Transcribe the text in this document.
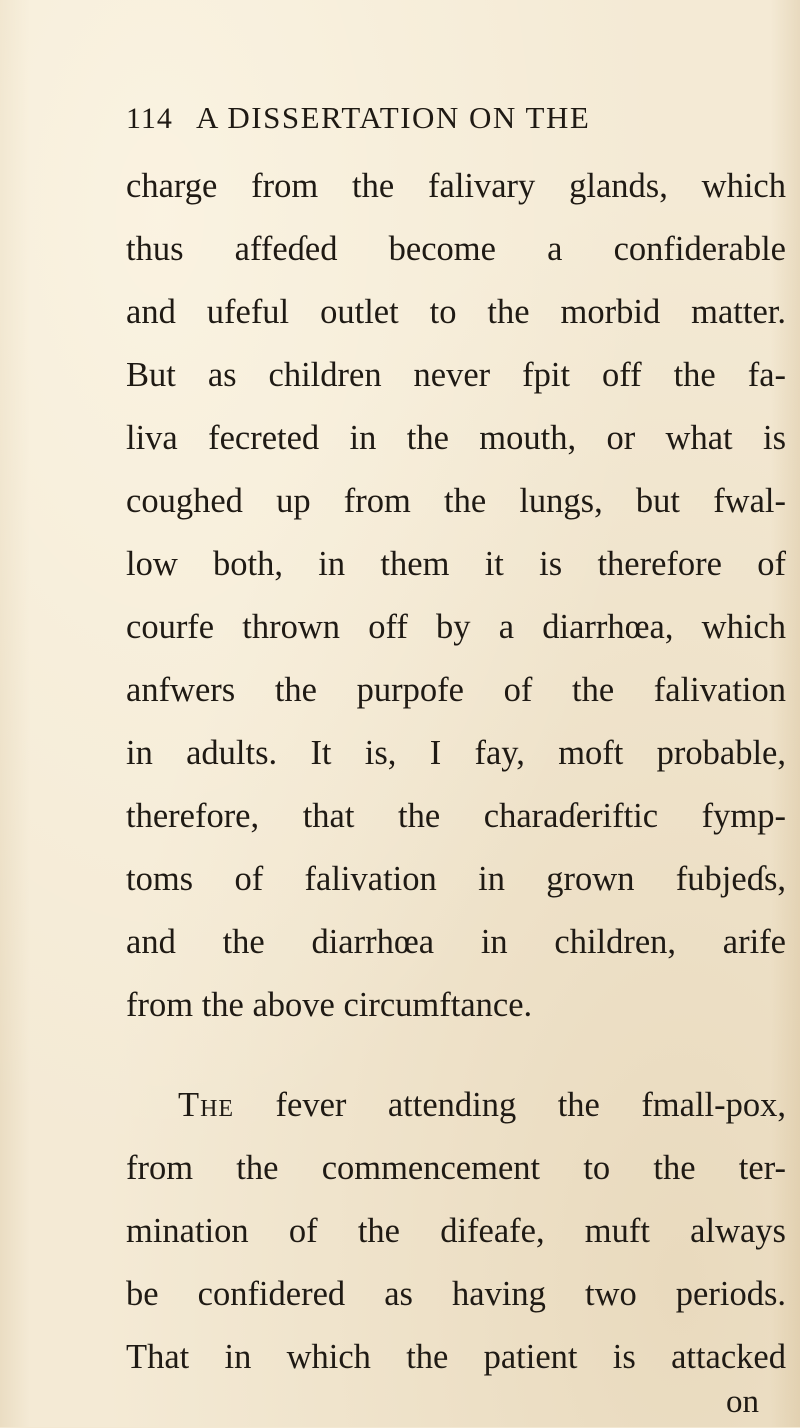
114 A DISSERTATION ON THE
charge from the falivary glands, which
thus affeɗed become a confiderable
and ufeful outlet to the morbid matter.
But as children never fpit off the fa-
liva fecreted in the mouth, or what is
coughed up from the lungs, but fwal-
low both, in them it is therefore of
courfe thrown off by a diarrhœa, which
anfwers the purpofe of the falivation
in adults. It is, I fay, moft probable,
therefore, that the charaɗeriftic fymp-
toms of falivation in grown fubjeɗs,
and the diarrhœa in children, arife
from the above circumftance.
The fever attending the fmall-pox,
from the commencement to the ter-
mination of the difeafe, muft always
be confidered as having two periods.
That in which the patient is attacked
on
